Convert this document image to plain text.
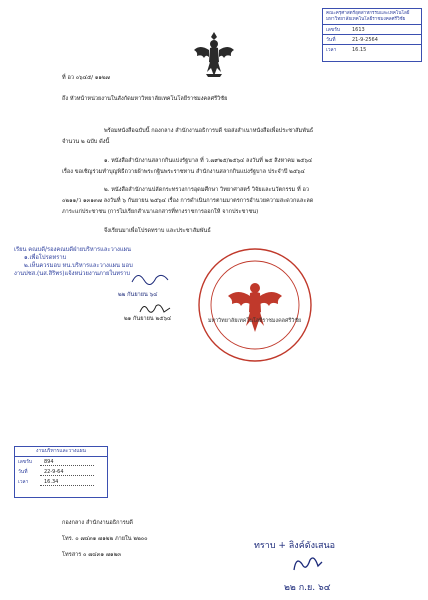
คณะครุศาสตร์อุตสาหกรรมและเทคโนโลยี มหาวิทยาลัยเทคโนโลยีราชมงคลศรีวิชัย
เลขรับ	1613
วันที่	21-9-2564
เวลา	16.15
ที่ อว ๐๖๔๕/ ๑๑๒๗
ถึง หัวหน้าหน่วยงานในสังกัดมหาวิทยาลัยเทคโนโลยีราชมงคลศรีวิชัย
พร้อมหนังสือฉบับนี้ กองกลาง สำนักงานอธิการบดี ขอส่งสำเนาหนังสือเพื่อประชาสัมพันธ์
จำนวน ๒ ฉบับ ดังนี้
๑. หนังสือสำนักงานสลากกินแบ่งรัฐบาล ที่ ว.๗๙๒๕/๒๕๖๔ ลงวันที่ ๒๕ สิงหาคม ๒๕๖๔
เรื่อง ขอเชิญร่วมทำบุญพิธีถวายผ้าพระกฐินพระราชทาน สำนักงานสลากกินแบ่งรัฐบาล ประจำปี ๒๕๖๔
๒. หนังสือสำนักงานปลัดกระทรวงการอุดมศึกษา วิทยาศาสตร์ วิจัยและนวัตกรรม ที่ อว
๐๒๑๑/ว ๑๓๑๓๗ ลงวันที่ ๖ กันยายน ๒๕๖๔ เรื่อง การดำเนินการตามมาตรการอำนวยความสะดวกและลด
ภาระแก่ประชาชน (การไม่เรียกสำเนาเอกสารที่ทางราชการออกให้ จากประชาชน)
จึงเรียนมาเพื่อโปรดทราบ และประชาสัมพันธ์
เรียน คณบดี/รองคณบดีฝ่ายบริหารและวางแผน
๑.เพื่อโปรดทราบ
๒.เห็นควรมอบ หน.บริหารและวางแผน มอบ
งานปชส.(นส.สิริพร)แจ้งหน่วยงานภายในทราบ
๒๒ กันยายน ๖๔
๒๑ กันยายน ๒๕๖๔	มหาวิทยาลัยเทคโนโลยีราชมงคลศรีวิชัย
งานบริหารและวางแผน
เลขรับ	894
วันที่	22-9-64
เวลา	16.34
กองกลาง สำนักงานอธิการบดี
โทร. ๐ ๗๔๓๑ ๗๑๒๒ ภายใน ๒๒๐๐
โทรสาร ๐ ๗๔๓๑ ๗๑๒๓
ทราบ + ลิงค์ดังเสนอ
๒๒ ก.ย. ๖๔
